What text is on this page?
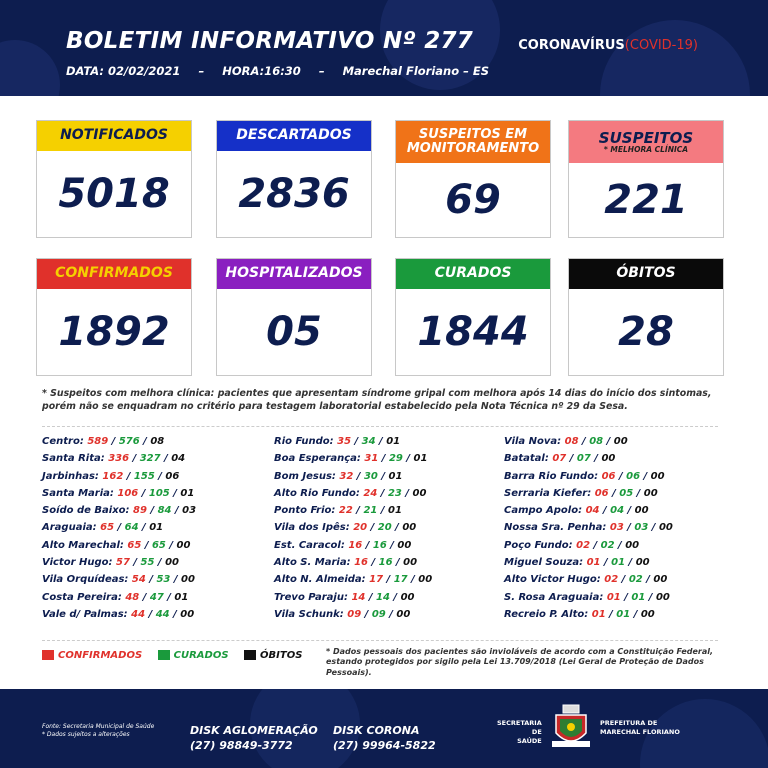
BOLETIM INFORMATIVO Nº 277
DATA: 02/02/2021 – HORA:16:30 – Marechal Floriano – ES
CORONAVÍRUS(COVID-19)
NOTIFICADOS
5018
DESCARTADOS
2836
SUSPEITOS EM
MONITORAMENTO
69
SUSPEITOS
* MELHORA CLÍNICA
221
CONFIRMADOS
1892
HOSPITALIZADOS
05
CURADOS
1844
ÓBITOS
28
* Suspeitos com melhora clínica: pacientes que apresentam síndrome gripal com melhora após 14 dias do início dos sintomas, porém não se enquadram no critério para testagem laboratorial estabelecido pela Nota Técnica nº 29 da Sesa.
Centro: 589 / 576 / 08
Santa Rita: 336 / 327 / 04
Jarbinhas: 162 / 155 / 06
Santa Maria: 106 / 105 / 01
Soído de Baixo: 89 / 84 / 03
Araguaia: 65 / 64 / 01
Alto Marechal: 65 / 65 / 00
Victor Hugo: 57 / 55 / 00
Vila Orquídeas: 54 / 53 / 00
Costa Pereira: 48 / 47 / 01
Vale d/ Palmas: 44 / 44 / 00
Rio Fundo: 35 / 34 / 01
Boa Esperança: 31 / 29 / 01
Bom Jesus: 32 / 30 / 01
Alto Rio Fundo: 24 / 23 / 00
Ponto Frio: 22 / 21 / 01
Vila dos Ipês: 20 / 20 / 00
Est. Caracol: 16 / 16 / 00
Alto S. Maria: 16 / 16 / 00
Alto N. Almeida: 17 / 17 / 00
Trevo Paraju: 14 / 14 / 00
Vila Schunk: 09 / 09 / 00
Vila Nova: 08 / 08 / 00
Batatal: 07 / 07 / 00
Barra Rio Fundo: 06 / 06 / 00
Serraria Kiefer: 06 / 05 / 00
Campo Apolo: 04 / 04 / 00
Nossa Sra. Penha: 03 / 03 / 00
Poço Fundo: 02 / 02 / 00
Miguel Souza: 01 / 01 / 00
Alto Victor Hugo: 02 / 02 / 00
S. Rosa Araguaia: 01 / 01 / 00
Recreio P. Alto: 01 / 01 / 00
CONFIRMADOS	CURADOS	ÓBITOS	* Dados pessoais dos pacientes são invioláveis de acordo com a Constituição Federal, estando protegidos por sigilo pela Lei 13.709/2018 (Lei Geral de Proteção de Dados Pessoais).
Fonte: Secretaria Municipal de Saúde
* Dados sujeitos a alterações	DISK AGLOMERAÇÃO
(27) 98849-3772
DISK CORONA
(27) 99964-5822
SECRETARIA
DE
SAÚDE
PREFEITURA DE
MARECHAL FLORIANO
